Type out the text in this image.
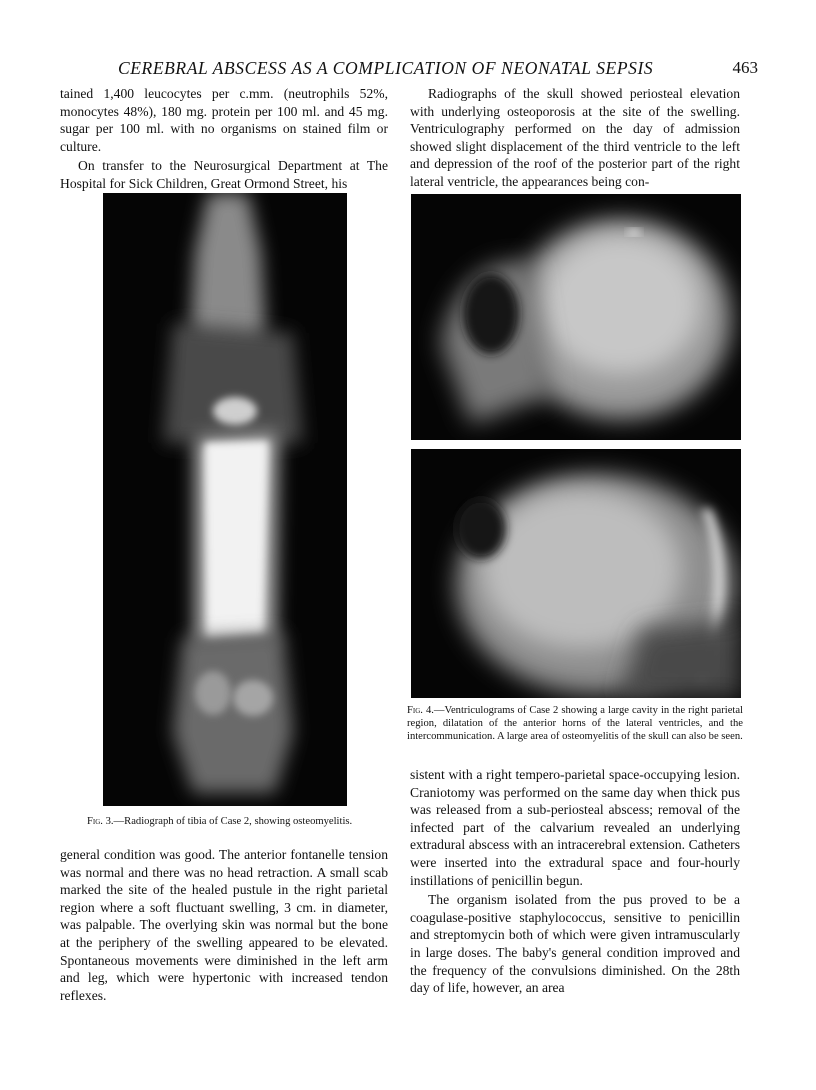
CEREBRAL ABSCESS AS A COMPLICATION OF NEONATAL SEPSIS	463

tained 1,400 leucocytes per c.mm. (neutrophils 52%, monocytes 48%), 180 mg. protein per 100 ml. and 45 mg. sugar per 100 ml. with no organisms on stained film or culture.

On transfer to the Neurosurgical Department at The Hospital for Sick Children, Great Ormond Street, his

Fig. 3.—Radiograph of tibia of Case 2, showing osteomyelitis.

general condition was good. The anterior fontanelle tension was normal and there was no head retraction. A small scab marked the site of the healed pustule in the right parietal region where a soft fluctuant swelling, 3 cm. in diameter, was palpable. The overlying skin was normal but the bone at the periphery of the swelling appeared to be elevated. Spontaneous movements were diminished in the left arm and leg, which were hypertonic with increased tendon reflexes.

Radiographs of the skull showed periosteal elevation with underlying osteoporosis at the site of the swelling. Ventriculography performed on the day of admission showed slight displacement of the third ventricle to the left and depression of the roof of the posterior part of the right lateral ventricle, the appearances being con-

Fig. 4.—Ventriculograms of Case 2 showing a large cavity in the right parietal region, dilatation of the anterior horns of the lateral ventricles, and the intercommunication. A large area of osteomyelitis of the skull can also be seen.

sistent with a right tempero-parietal space-occupying lesion. Craniotomy was performed on the same day when thick pus was released from a sub-periosteal abscess; removal of the infected part of the calvarium revealed an underlying extradural abscess with an intracerebral extension. Catheters were inserted into the extradural space and four-hourly instillations of penicillin begun.

The organism isolated from the pus proved to be a coagulase-positive staphylococcus, sensitive to penicillin and streptomycin both of which were given intramuscularly in large doses. The baby's general condition improved and the frequency of the convulsions diminished. On the 28th day of life, however, an area
